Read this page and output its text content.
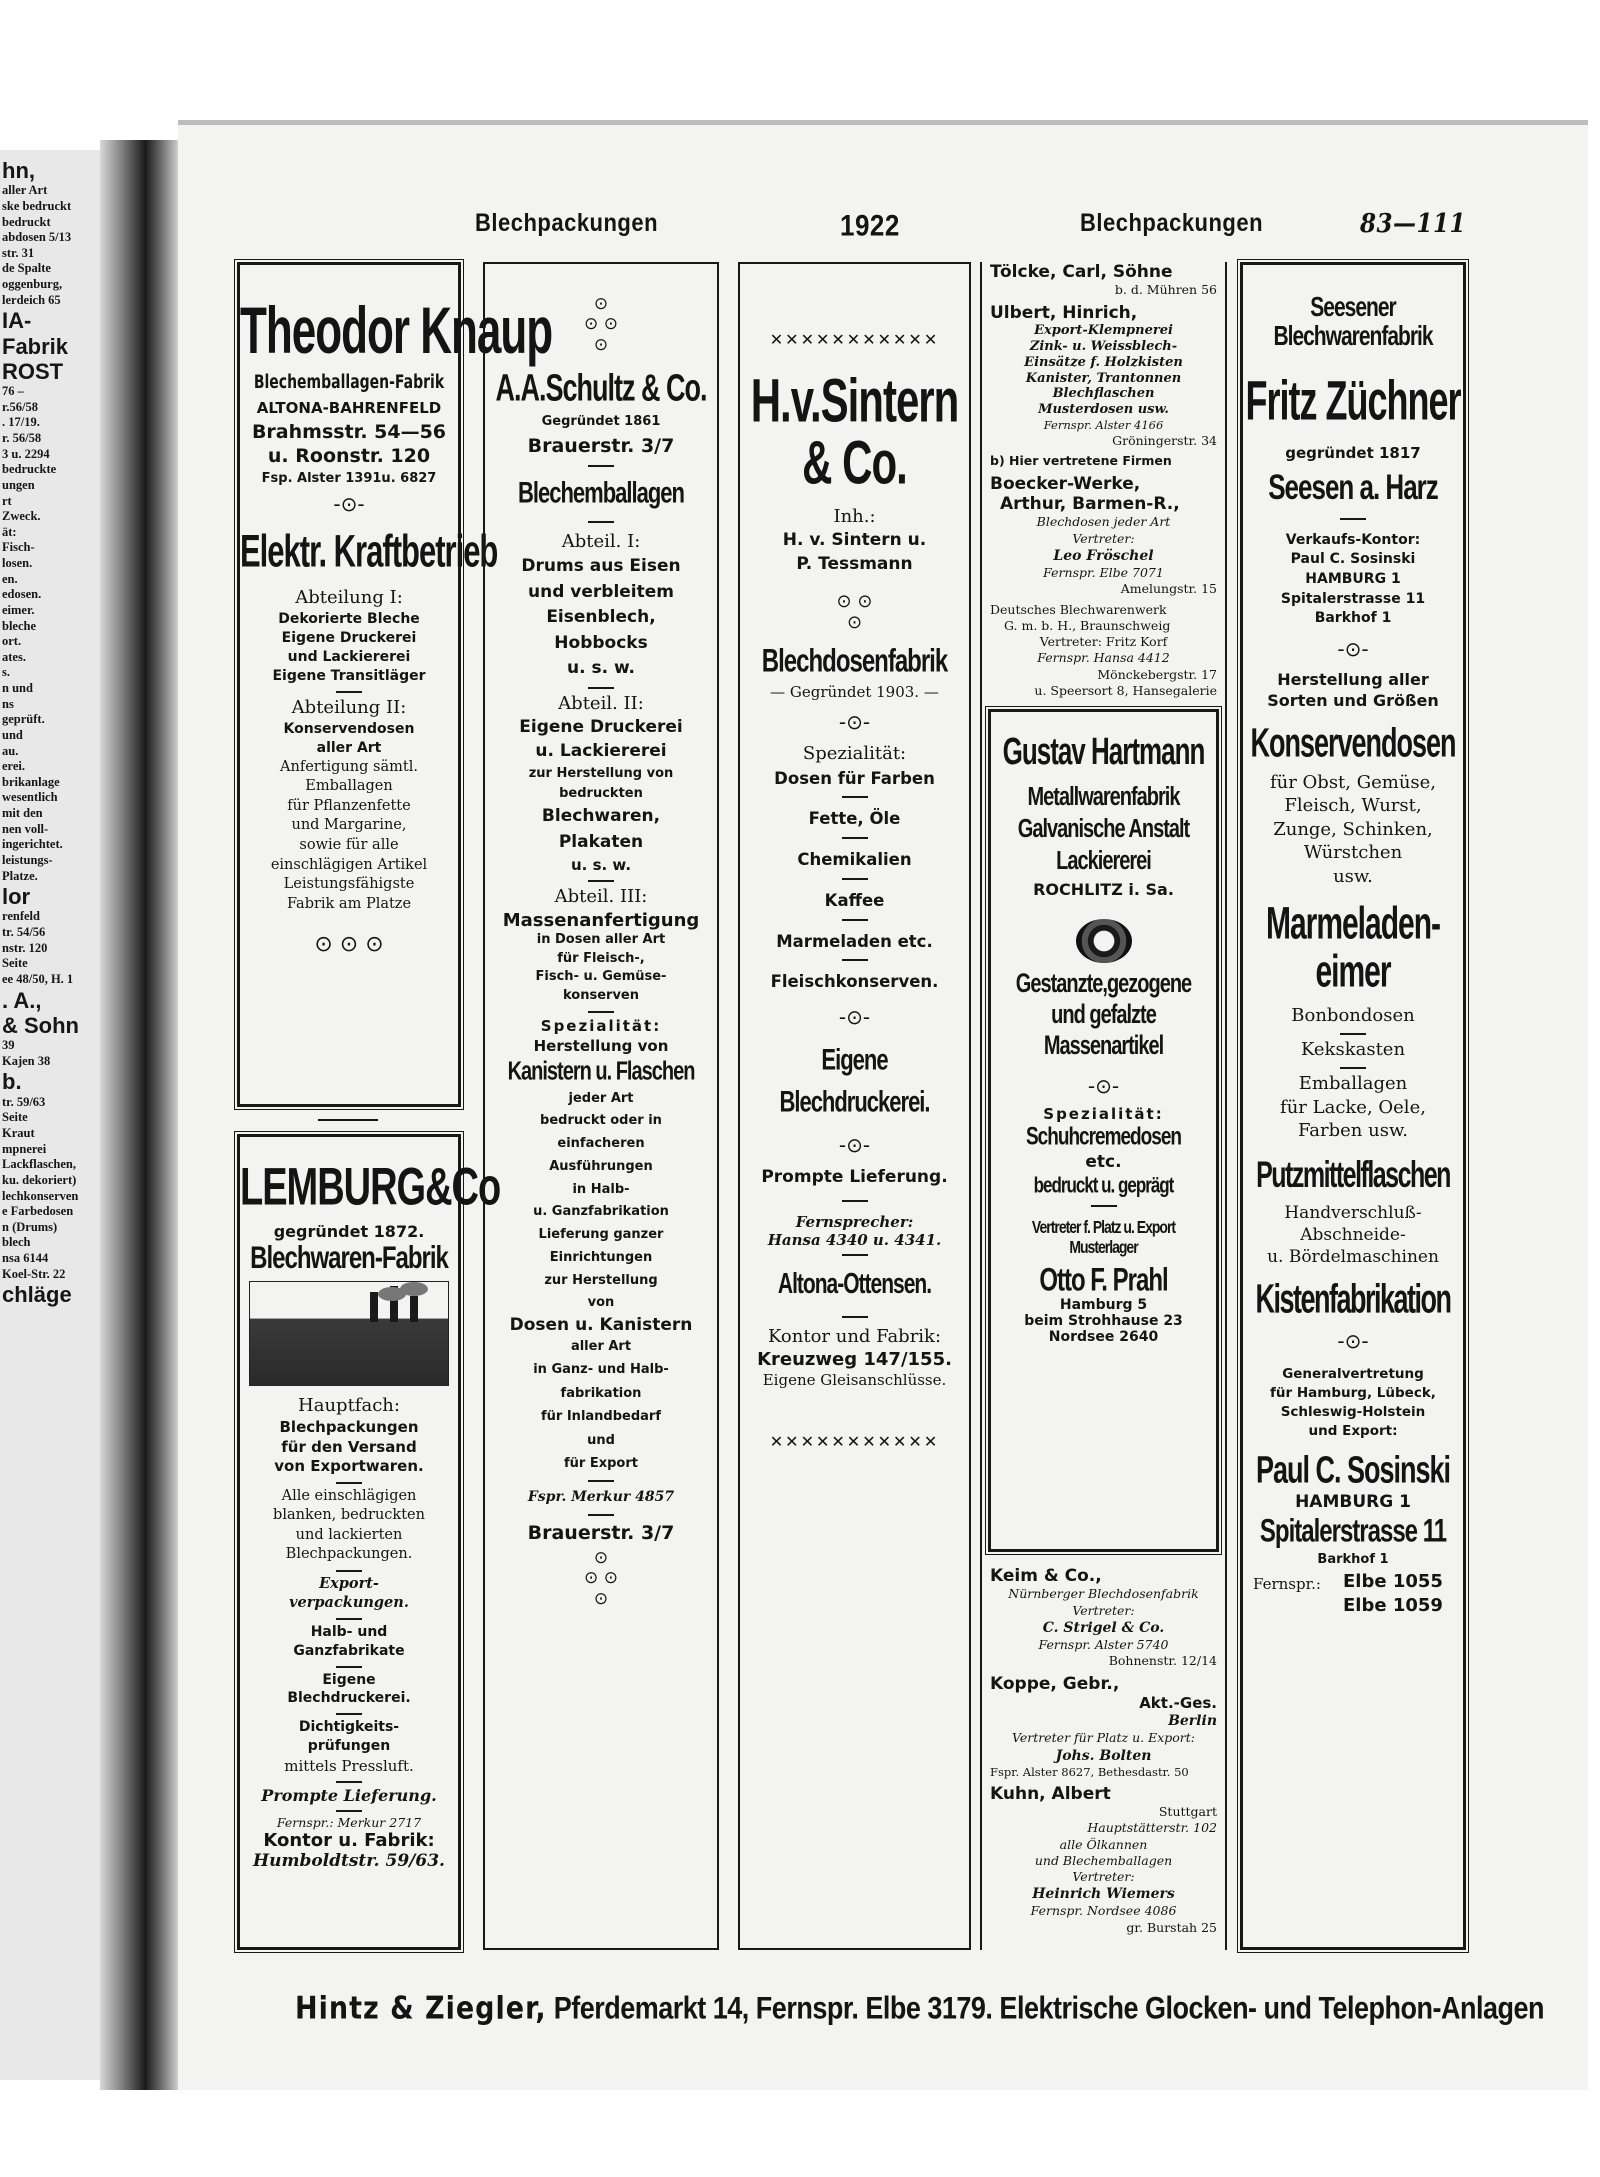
hn,
aller Art
ske bedruckt
bedruckt
abdosen 5/13
str. 31
de Spalte
oggenburg,
lerdeich 65
IA-
Fabrik
ROST
76 –
r.56/58
. 17/19.
r. 56/58
3 u. 2294
bedruckte
ungen
rt
Zweck.
ät:
Fisch-
losen.
en.
edosen.
eimer.
bleche
ort.
ates.
s.
n und
ns
geprüft.
und
au.
erei.
brikanlage
wesentlich
mit den
nen voll-
ingerichtet.
leistungs-
Platze.
lor
renfeld
tr. 54/56
nstr. 120
Seite
ee 48/50, H. 1
. A.,
& Sohn
39
Kajen 38
b.
tr. 59/63
Seite
Kraut
mpnerei
Lackflaschen,
ku. dekoriert)
lechkonserven
e Farbedosen
n (Drums)
blech
nsa 6144
Koel-Str. 22
chläge
Blechpackungen	1922	Blechpackungen	83—111
Theodor Knaup
Blechemballagen-Fabrik
ALTONA-BAHRENFELD
Brahmsstr. 54—56
u. Roonstr. 120
Fsp. Alster 1391u. 6827
-⊙-
Elektr. Kraftbetrieb
Abteilung I:
Dekorierte Bleche
Eigene Druckerei
und Lackiererei
Eigene Transitläger
Abteilung II:
Konservendosen
aller Art
Anfertigung sämtl.
Emballagen
für Pflanzenfette
und Margarine,
sowie für alle
einschlägigen Artikel
Leistungsfähigste
Fabrik am Platze
⊙ ⊙ ⊙
LEMBURG&Co
gegründet 1872.
Blechwaren-Fabrik
Hauptfach:
Blechpackungen
für den Versand
von Exportwaren.
Alle einschlägigen
blanken, bedruckten
und lackierten
Blechpackungen.
Export-
verpackungen.
Halb- und
Ganzfabrikate
Eigene
Blechdruckerei.
Dichtigkeits-
prüfungen
mittels Pressluft.
Prompte Lieferung.
Fernspr.: Merkur 2717
Kontor u. Fabrik:
Humboldtstr. 59/63.
⊙
⊙ ⊙
⊙
A.A.Schultz & Co.
Gegründet 1861
Brauerstr. 3/7
Blechemballagen
Abteil. I:
Drums aus Eisen
und verbleitem
Eisenblech,
Hobbocks
u. s. w.
Abteil. II:
Eigene Druckerei
u. Lackiererei
zur Herstellung von
bedruckten
Blechwaren,
Plakaten
u. s. w.
Abteil. III:
Massenanfertigung
in Dosen aller Art
für Fleisch-,
Fisch- u. Gemüse-
konserven
Spezialität:
Herstellung von
Kanistern u. Flaschen
jeder Art
bedruckt oder in
einfacheren
Ausführungen
in Halb-
u. Ganzfabrikation
Lieferung ganzer
Einrichtungen
zur Herstellung
von
Dosen u. Kanistern
aller Art
in Ganz- und Halb-
fabrikation
für Inlandbedarf
und
für Export
Fspr. Merkur 4857
Brauerstr. 3/7
⊙
⊙ ⊙
⊙
✕✕✕✕✕✕✕✕✕✕✕
H.v.Sintern
& Co.
Inh.:
H. v. Sintern u.
P. Tessmann
⊙ ⊙
⊙
Blechdosenfabrik
— Gegründet 1903. —
-⊙-
Spezialität:
Dosen für Farben
Fette, Öle
Chemikalien
Kaffee
Marmeladen etc.
Fleischkonserven.
-⊙-
Eigene
Blechdruckerei.
-⊙-
Prompte Lieferung.
Fernsprecher:
Hansa 4340 u. 4341.
Altona-Ottensen.
Kontor und Fabrik:
Kreuzweg 147/155.
Eigene Gleisanschlüsse.
✕✕✕✕✕✕✕✕✕✕✕
Tölcke, Carl, Söhne
b. d. Mühren 56
Ulbert, Hinrich,
Export-Klempnerei
Zink- u. Weissblech-
Einsätze f. Holzkisten
Kanister, Trantonnen
Blechflaschen
Musterdosen usw.
Fernspr. Alster 4166
Gröningerstr. 34
b) Hier vertretene Firmen
Boecker-Werke,
Arthur, Barmen-R.,
Blechdosen jeder Art
Vertreter:
Leo Fröschel
Fernspr. Elbe 7071
Amelungstr. 15
Deutsches Blechwarenwerk
G. m. b. H., Braunschweig
Vertreter: Fritz Korf
Fernspr. Hansa 4412
Mönckebergstr. 17
u. Speersort 8, Hansegalerie
Gustav Hartmann
Metallwarenfabrik
Galvanische Anstalt
Lackiererei
ROCHLITZ i. Sa.
Gestanzte,gezogene
und gefalzte
Massenartikel
-⊙-
Spezialität:
Schuhcremedosen
etc.
bedruckt u. geprägt
Vertreter f. Platz u. Export
Musterlager
Otto F. Prahl
Hamburg 5
beim Strohhause 23
Nordsee 2640
Keim & Co.,
Nürnberger Blechdosenfabrik
Vertreter:
C. Strigel & Co.
Fernspr. Alster 5740
Bohnenstr. 12/14
Koppe, Gebr.,
Akt.-Ges.
Berlin
Vertreter für Platz u. Export:
Johs. Bolten
Fspr. Alster 8627, Bethesdastr. 50
Kuhn, Albert
Stuttgart
Hauptstätterstr. 102
alle Ölkannen
und Blechemballagen
Vertreter:
Heinrich Wiemers
Fernspr. Nordsee 4086
gr. Burstah 25
Seesener
Blechwarenfabrik
Fritz Züchner
gegründet 1817
Seesen a. Harz
Verkaufs-Kontor:
Paul C. Sosinski
HAMBURG 1
Spitalerstrasse 11
Barkhof 1
-⊙-
Herstellung aller
Sorten und Größen
Konservendosen
für Obst, Gemüse,
Fleisch, Wurst,
Zunge, Schinken,
Würstchen
usw.
Marmeladen-
eimer
Bonbondosen
Kekskasten
Emballagen
für Lacke, Oele,
Farben usw.
Putzmittelflaschen
Handverschluß-
Abschneide-
u. Bördelmaschinen
Kistenfabrikation
-⊙-
Generalvertretung
für Hamburg, Lübeck,
Schleswig-Holstein
und Export:
Paul C. Sosinski
HAMBURG 1
Spitalerstrasse 11
Barkhof 1
Fernspr.: Elbe 1055
Elbe 1059
Hintz & Ziegler, Pferdemarkt 14, Fernspr. Elbe 3179. Elektrische Glocken- und Telephon-Anlagen
